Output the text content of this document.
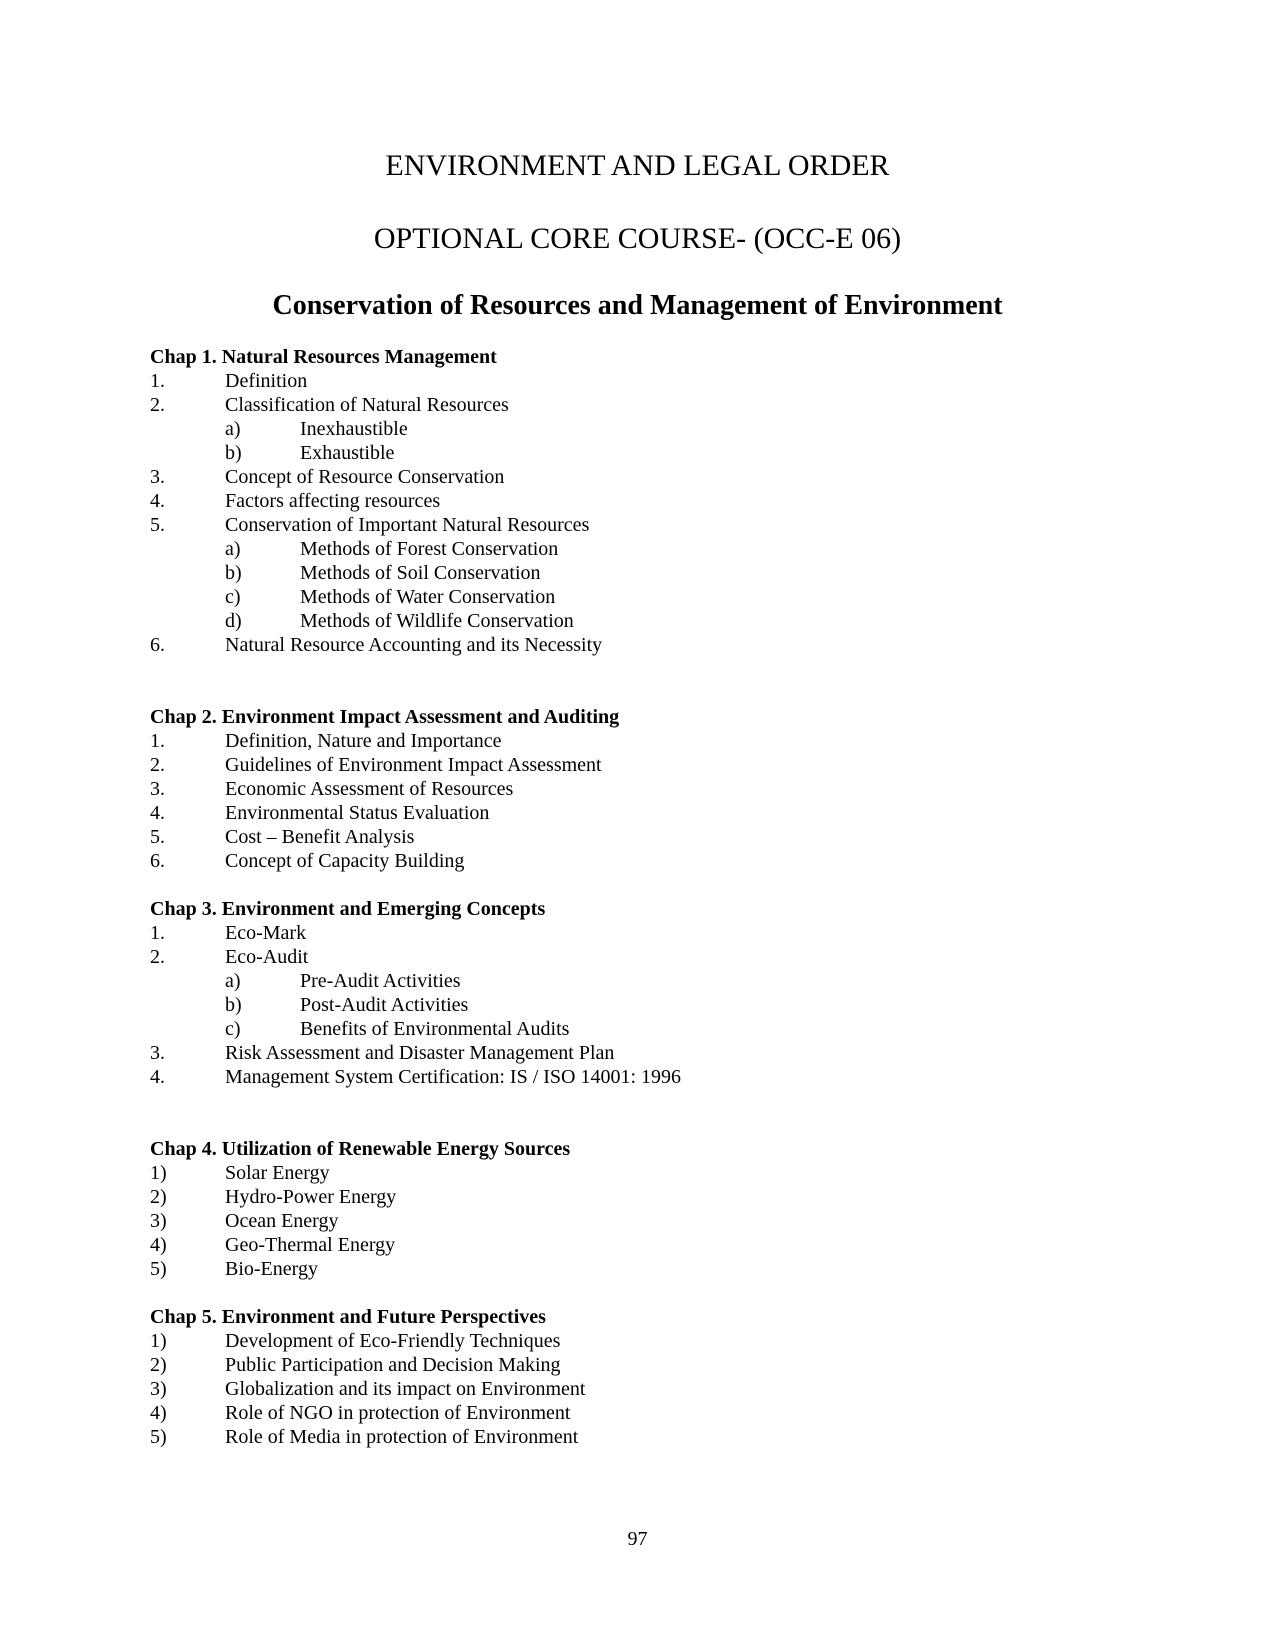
ENVIRONMENT AND LEGAL ORDER
OPTIONAL CORE COURSE- (OCC-E 06)
Conservation of Resources and Management of Environment
Chap 1. Natural Resources Management
1.	Definition
2.	Classification of Natural Resources
a)	Inexhaustible
b)	Exhaustible
3.	Concept of Resource Conservation
4.	Factors affecting resources
5.	Conservation of Important Natural Resources
a)	Methods of Forest Conservation
b)	Methods of Soil Conservation
c)	Methods of Water Conservation
d)	Methods of Wildlife Conservation
6.	Natural Resource Accounting and its Necessity
Chap 2. Environment Impact Assessment and Auditing
1.	Definition, Nature and Importance
2.	Guidelines of Environment Impact Assessment
3.	Economic Assessment of Resources
4.	Environmental Status Evaluation
5.	Cost – Benefit Analysis
6.	Concept of Capacity Building
Chap 3. Environment and Emerging Concepts
1.	Eco-Mark
2.	Eco-Audit
a)	Pre-Audit Activities
b)	Post-Audit Activities
c)	Benefits of Environmental Audits
3.	Risk Assessment and Disaster Management Plan
4.	Management System Certification: IS / ISO 14001: 1996
Chap 4. Utilization of Renewable Energy Sources
1)	Solar Energy
2)	Hydro-Power Energy
3)	Ocean Energy
4)	Geo-Thermal Energy
5)	Bio-Energy
Chap 5. Environment and Future Perspectives
1)	Development of Eco-Friendly Techniques
2)	Public Participation and Decision Making
3)	Globalization and its impact on Environment
4)	Role of NGO in protection of Environment
5)	Role of Media in protection of Environment
97
